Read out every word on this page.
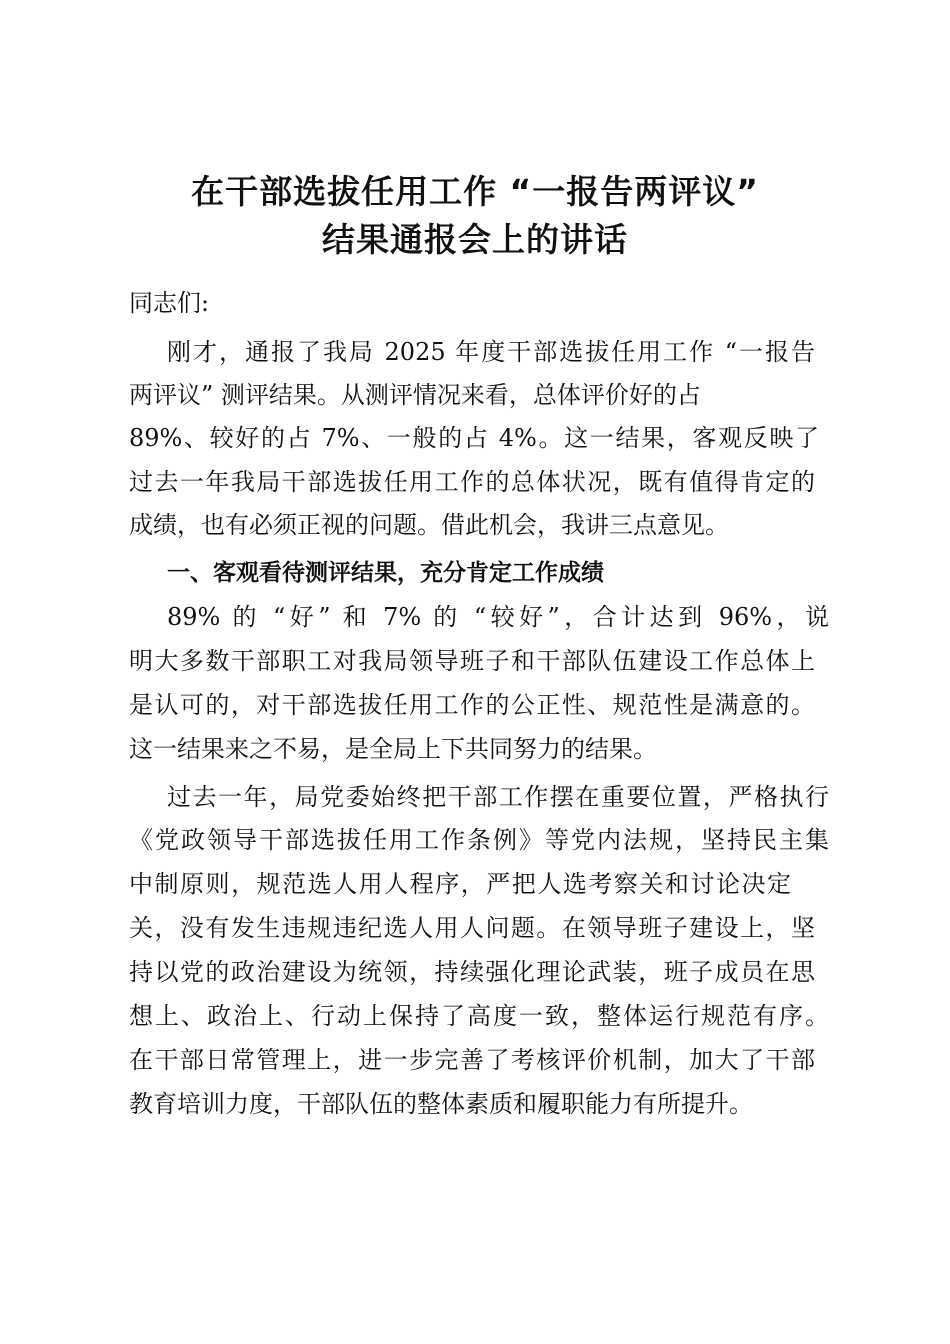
在干部选拔任用工作 “一报告两评议”
结果通报会上的讲话
同志们:
刚才，通报了我局 2025 年度干部选拔任用工作 “一报告
两评议” 测评结果。从测评情况来看，总体评价好的占
89%、较好的占 7%、一般的占 4%。这一结果，客观反映了
过去一年我局干部选拔任用工作的总体状况，既有值得肯定的
成绩，也有必须正视的问题。借此机会，我讲三点意见。
一、客观看待测评结果，充分肯定工作成绩
89% 的 “好” 和 7% 的 “较好”，合计达到 96%，说
明大多数干部职工对我局领导班子和干部队伍建设工作总体上
是认可的，对干部选拔任用工作的公正性、规范性是满意的。
这一结果来之不易，是全局上下共同努力的结果。
过去一年，局党委始终把干部工作摆在重要位置，严格执行
《党政领导干部选拔任用工作条例》等党内法规，坚持民主集
中制原则，规范选人用人程序，严把人选考察关和讨论决定
关，没有发生违规违纪选人用人问题。在领导班子建设上，坚
持以党的政治建设为统领，持续强化理论武装，班子成员在思
想上、政治上、行动上保持了高度一致，整体运行规范有序。
在干部日常管理上，进一步完善了考核评价机制，加大了干部
教育培训力度，干部队伍的整体素质和履职能力有所提升。
